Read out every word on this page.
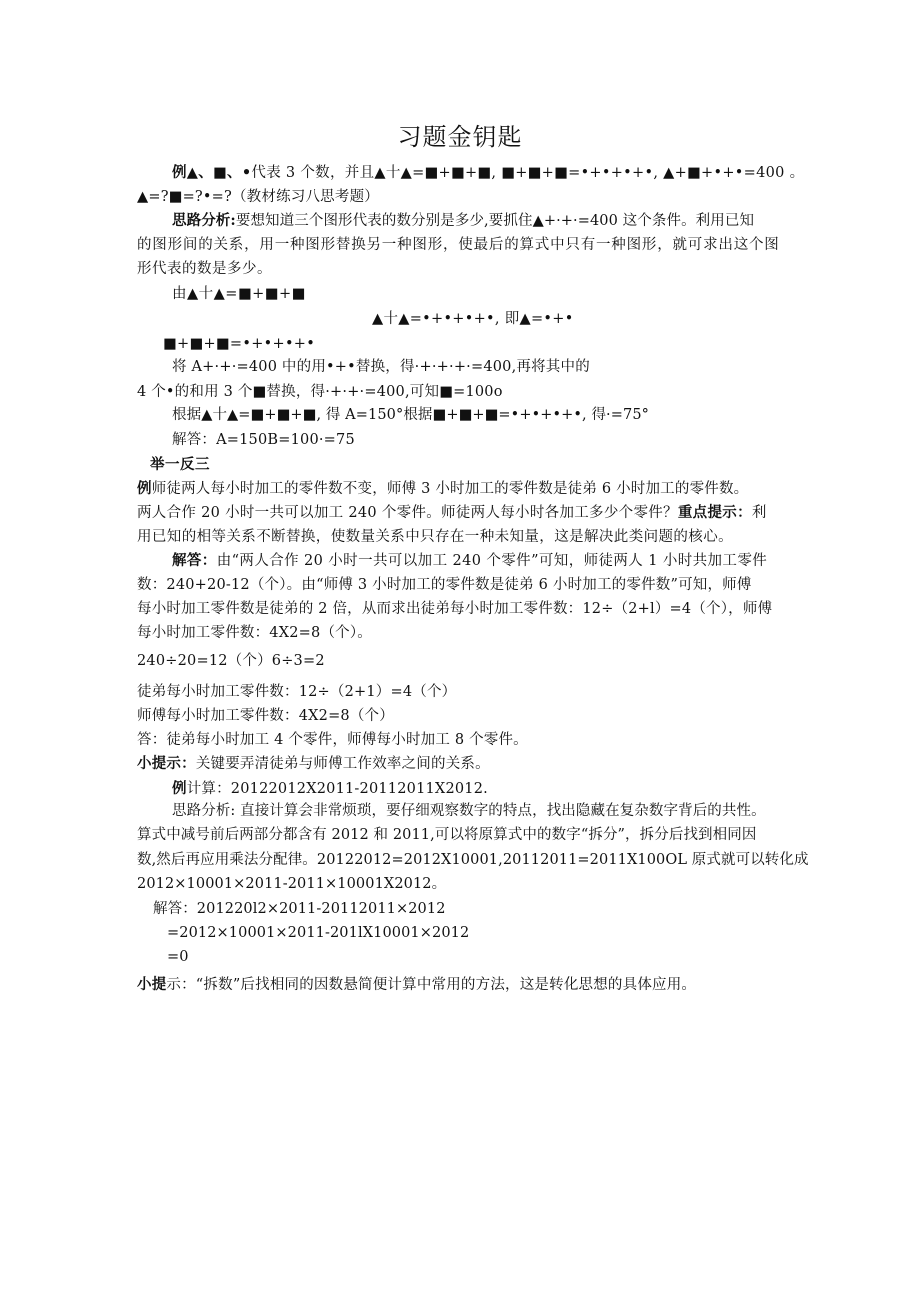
习题金钥匙
例▲、■、•代表 3 个数，并且▲十▲=■+■+■, ■+■+■=•+•+•+•, ▲+■+•+•=400 。
▲=?■=?•=?（教材练习八思考题）
思路分析:要想知道三个图形代表的数分别是多少,要抓住▲+·+·=400 这个条件。利用已知
的图形间的关系，用一种图形替换另一种图形，使最后的算式中只有一种图形，就可求出这个图
形代表的数是多少。
由▲十▲=■+■+■
▲十▲=•+•+•+•, 即▲=•+•
■+■+■=•+•+•+•
将 A+·+·=400 中的用•+•替换，得·+·+·+·=400,再将其中的
4 个•的和用 3 个■替换，得·+·+·=400,可知■=100o
根据▲十▲=■+■+■, 得 A=150°根据■+■+■=•+•+•+•, 得·=75°
解答：A=150B=100·=75
举一反三
例师徒两人每小时加工的零件数不变，师傅 3 小时加工的零件数是徒弟 6 小时加工的零件数。
两人合作 20 小时一共可以加工 240 个零件。师徒两人每小时各加工多少个零件？重点提示：利
用已知的相等关系不断替换，使数量关系中只存在一种未知量，这是解决此类问题的核心。
解答：由“两人合作 20 小时一共可以加工 240 个零件”可知，师徒两人 1 小时共加工零件
数：240+20-12（个）。由“师傅 3 小时加工的零件数是徒弟 6 小时加工的零件数”可知，师傅
每小时加工零件数是徒弟的 2 倍，从而求出徒弟每小时加工零件数：12÷（2+l）=4（个），师傅
每小时加工零件数：4X2=8（个）。
240÷20=12（个）6÷3=2
徒弟每小时加工零件数：12÷（2+1）=4（个）
师傅每小时加工零件数：4X2=8（个）
答：徒弟每小时加工 4 个零件，师傅每小时加工 8 个零件。
小提示：关键要弄清徒弟与师傅工作效率之间的关系。
例计算：20122012X2011-20112011X2012.
思路分析: 直接计算会非常烦琐，要仔细观察数字的特点，找出隐藏在复杂数字背后的共性。
算式中减号前后两部分都含有 2012 和 2011,可以将原算式中的数字“拆分”，拆分后找到相同因
数,然后再应用乘法分配律。20122012=2012X10001,20112011=2011X100OL 原式就可以转化成
2012×10001×2011-2011×10001X2012。
解答：201220l2×2011-20112011×2012
=2012×10001×2011-201lX10001×2012
=0
小提示：“拆数”后找相同的因数悬简便计算中常用的方法，这是转化思想的具体应用。
